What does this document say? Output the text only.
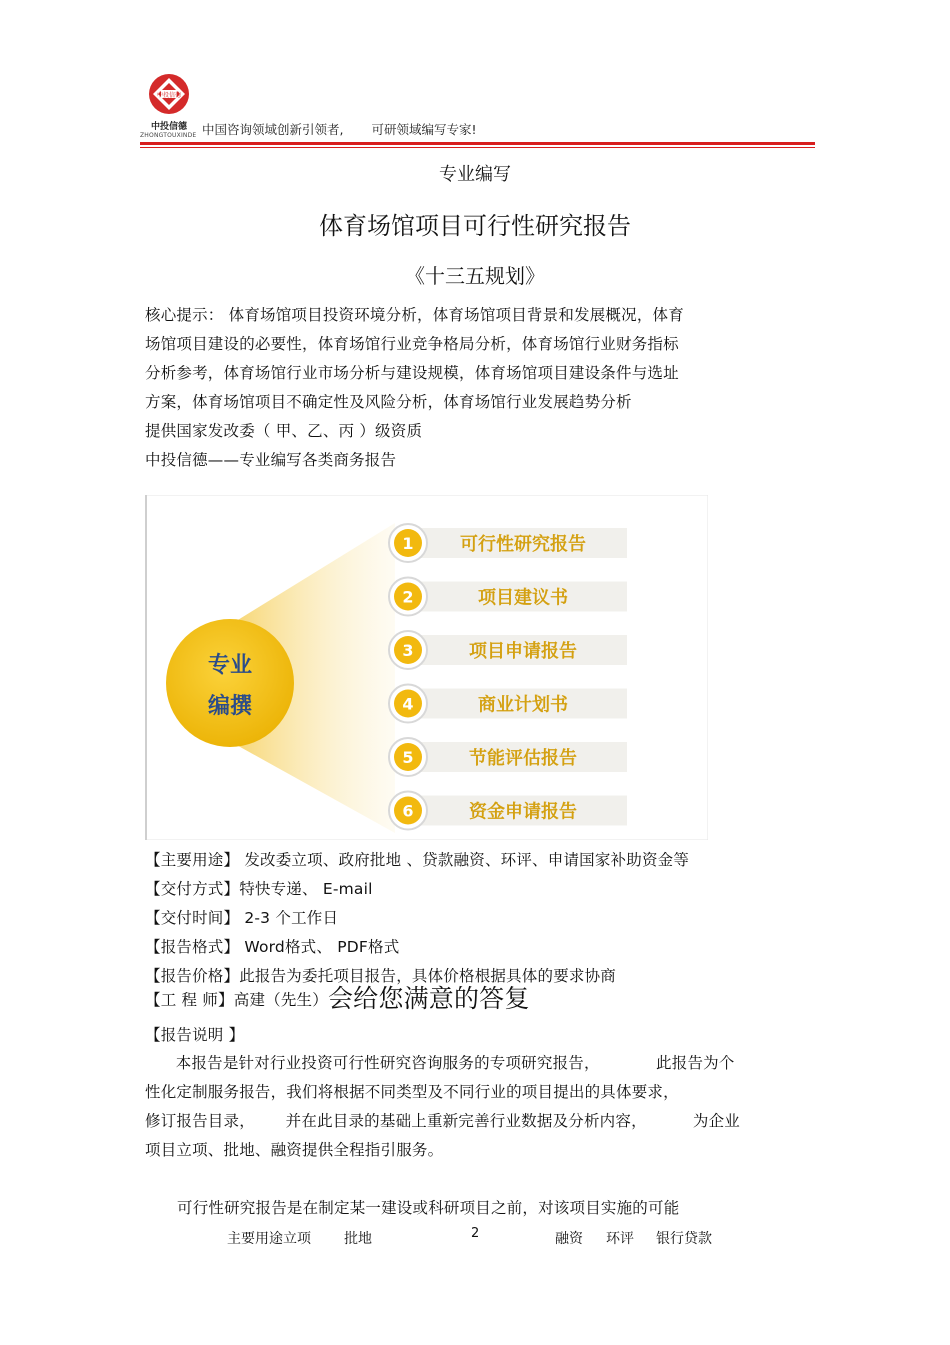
中投信德
中投信德
ZHONGTOUXINDE 中国咨询领域创新引领者, 可研领域编写专家!
专业编写
体育场馆项目可行性研究报告
《十三五规划》
核心提示： 体育场馆项目投资环境分析，体育场馆项目背景和发展概况，体育
场馆项目建设的必要性，体育场馆行业竞争格局分析，体育场馆行业财务指标
分析参考，体育场馆行业市场分析与建设规模，体育场馆项目建设条件与选址
方案，体育场馆项目不确定性及风险分析，体育场馆行业发展趋势分析
提供国家发改委（ 甲、乙、丙 ）级资质
中投信德——专业编写各类商务报告
专业
编撰
1	可行性研究报告
2	项目建议书
3	项目申请报告
4	商业计划书
5	节能评估报告
6	资金申请报告
【主要用途】 发改委立项、政府批地 、贷款融资、环评、申请国家补助资金等
【交付方式】特快专递、 E-mail
【交付时间】 2-3 个工作日
【报告格式】 Word格式、 PDF格式
【报告价格】此报告为委托项目报告，具体价格根据具体的要求协商
【工 程 师】高建（先生）会给您满意的答复
【报告说明 】
本报告是针对行业投资可行性研究咨询服务的专项研究报告，           此报告为个
性化定制服务报告，我们将根据不同类型及不同行业的项目提出的具体要求，
修订报告目录，      并在此目录的基础上重新完善行业数据及分析内容，         为企业
项目立项、批地、融资提供全程指引服务。
可行性研究报告是在制定某一建设或科研项目之前，对该项目实施的可能
主要用途立项 批地	2	融资 环评 银行贷款
